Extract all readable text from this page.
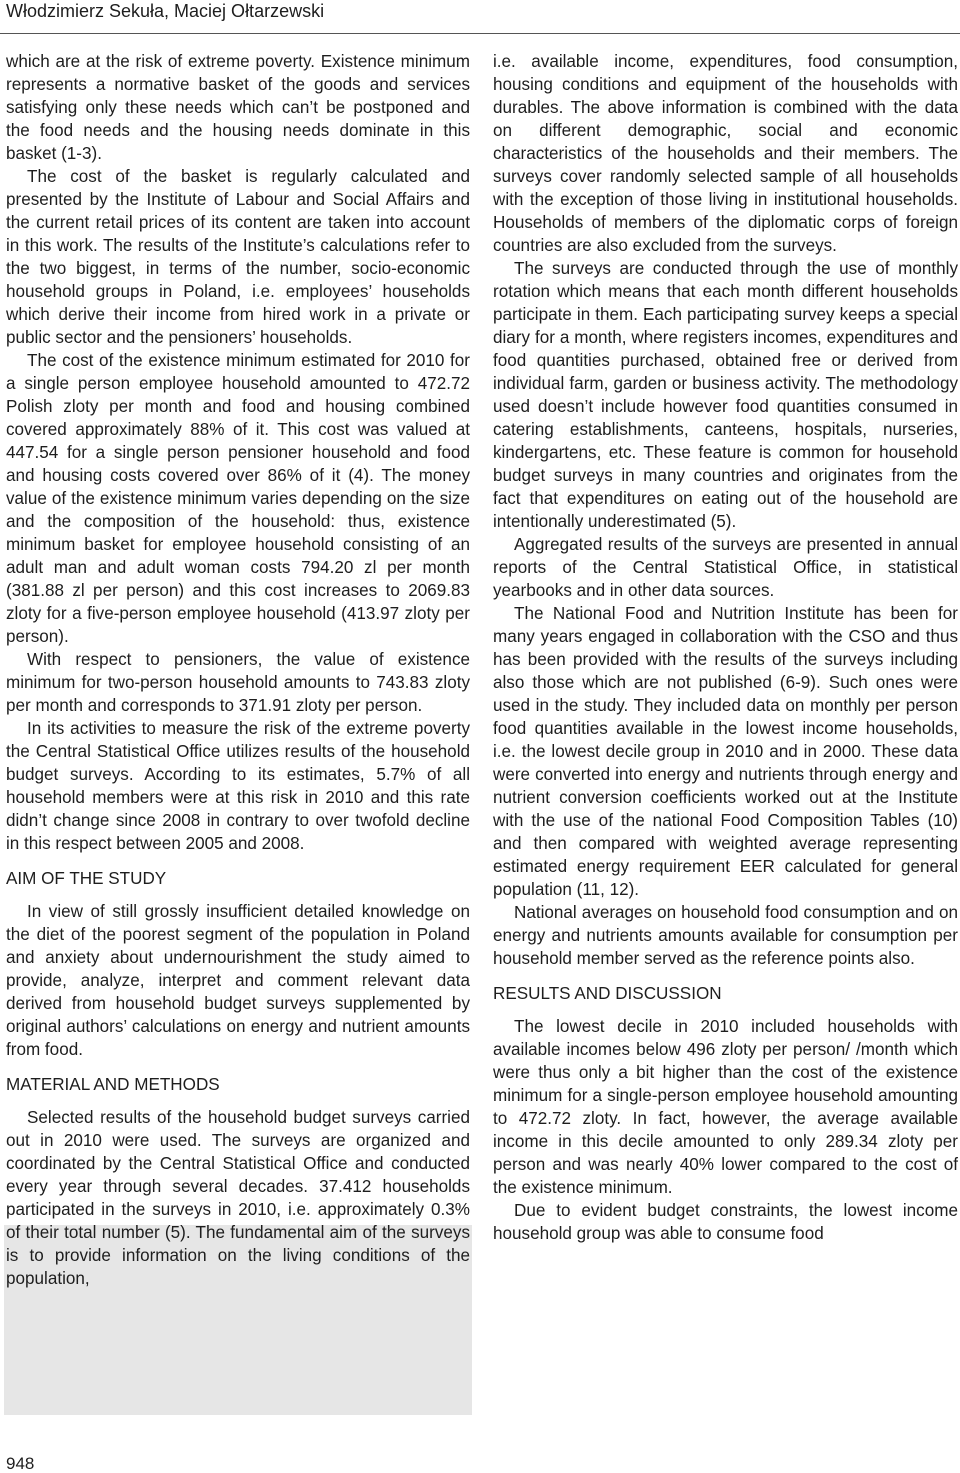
Włodzimierz Sekuła, Maciej Ołtarzewski

which are at the risk of extreme poverty. Existence minimum represents a normative basket of the goods and services satisfying only these needs which can’t be postponed and the food needs and the housing needs dominate in this basket (1-3).

The cost of the basket is regularly calculated and presented by the Institute of Labour and Social Affairs and the current retail prices of its content are taken into account in this work. The results of the Institute’s calculations refer to the two biggest, in terms of the number, socio-economic household groups in Poland, i.e. employees’ households which derive their income from hired work in a private or public sector and the pensioners’ households.

The cost of the existence minimum estimated for 2010 for a single person employee household amounted to 472.72 Polish zloty per month and food and housing combined covered approximately 88% of it. This cost was valued at 447.54 for a single person pensioner household and food and housing costs covered over 86% of it (4). The money value of the existence minimum varies depending on the size and the composition of the household: thus, existence minimum basket for employee household consisting of an adult man and adult woman costs 794.20 zl per month (381.88 zl per person) and this cost increases to 2069.83 zloty for a five-person employee household (413.97 zloty per person).

With respect to pensioners, the value of existence minimum for two-person household amounts to 743.83 zloty per month and corresponds to 371.91 zloty per person.

In its activities to measure the risk of the extreme poverty the Central Statistical Office utilizes results of the household budget surveys. According to its estimates, 5.7% of all household members were at this risk in 2010 and this rate didn’t change since 2008 in contrary to over twofold decline in this respect between 2005 and 2008.

AIM OF THE STUDY

In view of still grossly insufficient detailed knowledge on the diet of the poorest segment of the population in Poland and anxiety about undernourishment the study aimed to provide, analyze, interpret and comment relevant data derived from household budget surveys supplemented by original authors’ calculations on energy and nutrient amounts from food.

MATERIAL AND METHODS

Selected results of the household budget surveys carried out in 2010 were used. The surveys are organized and coordinated by the Central Statistical Office and conducted every year through several decades. 37.412 households participated in the surveys in 2010, i.e. approximately 0.3% of their total number (5). The fundamental aim of the surveys is to provide information on the living conditions of the population,

i.e. available income, expenditures, food consumption, housing conditions and equipment of the households with durables. The above information is combined with the data on different demographic, social and economic characteristics of the households and their members. The surveys cover randomly selected sample of all households with the exception of those living in institutional households. Households of members of the diplomatic corps of foreign countries are also excluded from the surveys.

The surveys are conducted through the use of monthly rotation which means that each month different households participate in them. Each participating survey keeps a special diary for a month, where registers incomes, expenditures and food quantities purchased, obtained free or derived from individual farm, garden or business activity. The methodology used doesn’t include however food quantities consumed in catering establishments, canteens, hospitals, nurseries, kindergartens, etc. These feature is common for household budget surveys in many countries and originates from the fact that expenditures on eating out of the household are intentionally underestimated (5).

Aggregated results of the surveys are presented in annual reports of the Central Statistical Office, in statistical yearbooks and in other data sources.

The National Food and Nutrition Institute has been for many years engaged in collaboration with the CSO and thus has been provided with the results of the surveys including also those which are not published (6-9). Such ones were used in the study. They included data on monthly per person food quantities available in the lowest income households, i.e. the lowest decile group in 2010 and in 2000. These data were converted into energy and nutrients through energy and nutrient conversion coefficients worked out at the Institute with the use of the national Food Composition Tables (10) and then compared with weighted average representing estimated energy requirement EER calculated for general population (11, 12).

National averages on household food consumption and on energy and nutrients amounts available for consumption per household member served as the reference points also.

RESULTS AND DISCUSSION

The lowest decile in 2010 included households with available incomes below 496 zloty per person/ /month which were thus only a bit higher than the cost of the existence minimum for a single-person employee household amounting to 472.72 zloty. In fact, however, the average available income in this decile amounted to only 289.34 zloty per person and was nearly 40% lower compared to the cost of the existence minimum.

Due to evident budget constraints, the lowest income household group was able to consume food

948
